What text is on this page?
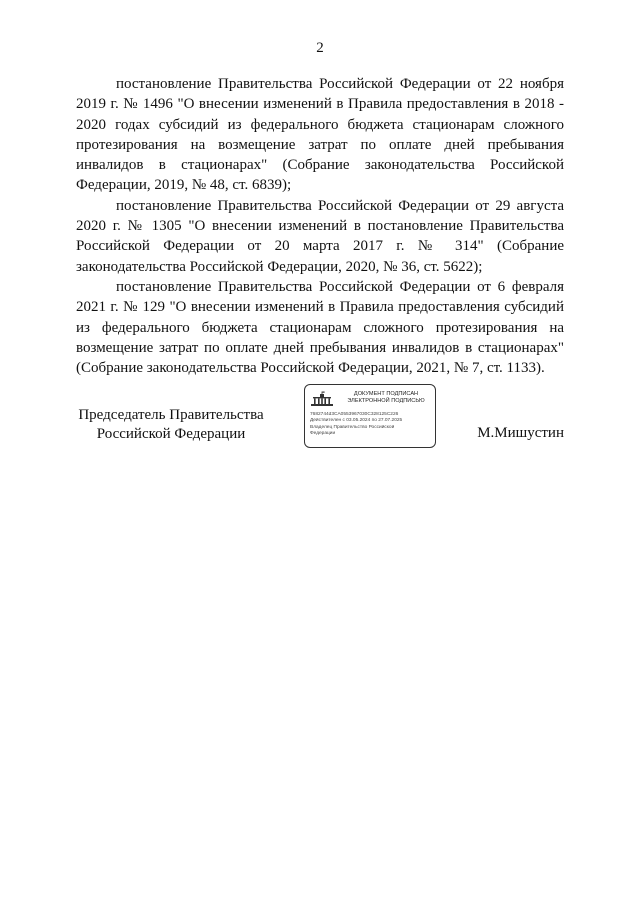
2

постановление Правительства Российской Федерации от 22 ноября 2019 г. № 1496 "О внесении изменений в Правила предоставления в 2018 - 2020 годах субсидий из федерального бюджета стационарам сложного протезирования на возмещение затрат по оплате дней пребывания инвалидов в стационарах" (Собрание законодательства Российской Федерации, 2019, № 48, ст. 6839);

постановление Правительства Российской Федерации от 29 августа 2020 г. № 1305 "О внесении изменений в постановление Правительства Российской Федерации от 20 марта 2017 г. № 314" (Собрание законодательства Российской Федерации, 2020, № 36, ст. 5622);

постановление Правительства Российской Федерации от 6 февраля 2021 г. № 129 "О внесении изменений в Правила предоставления субсидий из федерального бюджета стационарам сложного протезирования на возмещение затрат по оплате дней пребывания инвалидов в стационарах" (Собрание законодательства Российской Федерации, 2021, № 7, ст. 1133).

Председатель Правительства
Российской Федерации
ДОКУМЕНТ ПОДПИСАН
ЭЛЕКТРОННОЙ ПОДПИСЬЮ
7682744d3CA0553967030C328125C226
Действителен с 03.05.2024 по 27.07.2025
Владелец Правительство Российской
Федерации	М.Мишустин
